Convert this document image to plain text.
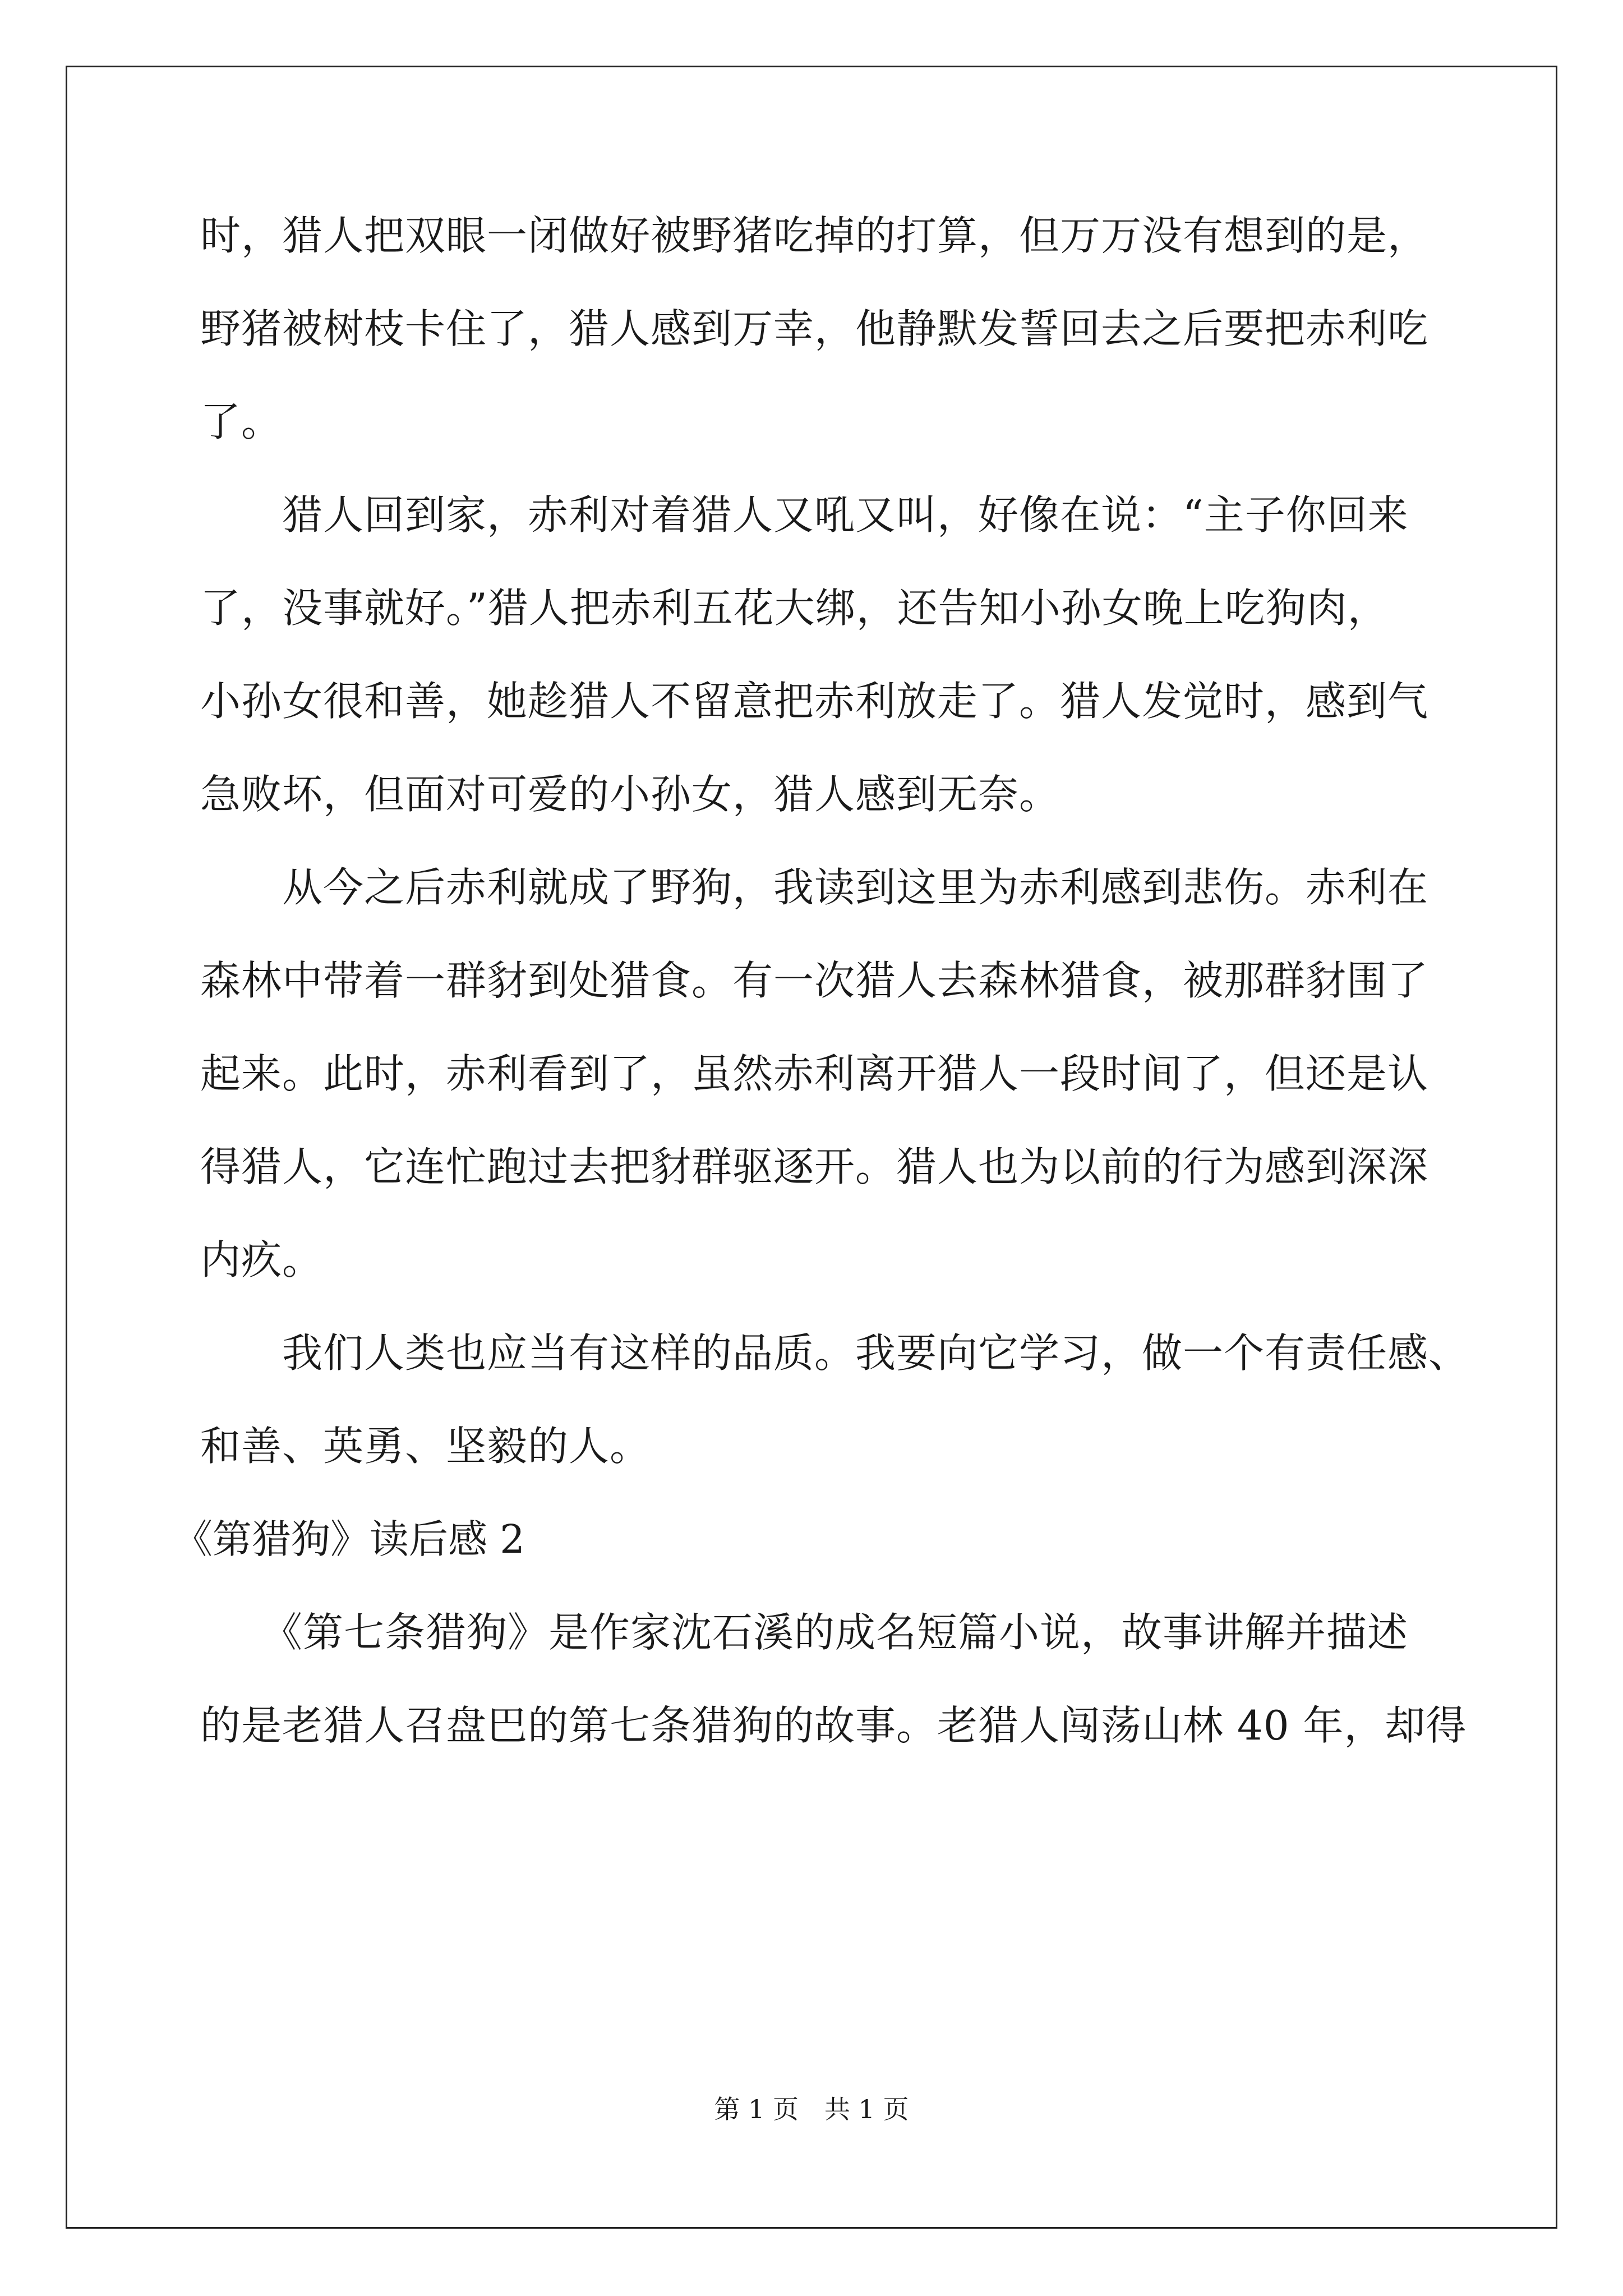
时，猎人把双眼一闭做好被野猪吃掉的打算，但万万没有想到的是，
野猪被树枝卡住了，猎人感到万幸，他静默发誓回去之后要把赤利吃
了。
　　猎人回到家，赤利对着猎人又吼又叫，好像在说：“主子你回来
了，没事就好。”猎人把赤利五花大绑，还告知小孙女晚上吃狗肉，
小孙女很和善，她趁猎人不留意把赤利放走了。猎人发觉时，感到气
急败坏，但面对可爱的小孙女，猎人感到无奈。
　　从今之后赤利就成了野狗，我读到这里为赤利感到悲伤。赤利在
森林中带着一群豺到处猎食。有一次猎人去森林猎食，被那群豺围了
起来。此时，赤利看到了，虽然赤利离开猎人一段时间了，但还是认
得猎人，它连忙跑过去把豺群驱逐开。猎人也为以前的行为感到深深
内疚。
　　我们人类也应当有这样的品质。我要向它学习，做一个有责任感、
和善、英勇、坚毅的人。
《第猎狗》读后感 2
　　《第七条猎狗》是作家沈石溪的成名短篇小说，故事讲解并描述
的是老猎人召盘巴的第七条猎狗的故事。老猎人闯荡山林 40 年，却得
第 1 页　共 1 页
